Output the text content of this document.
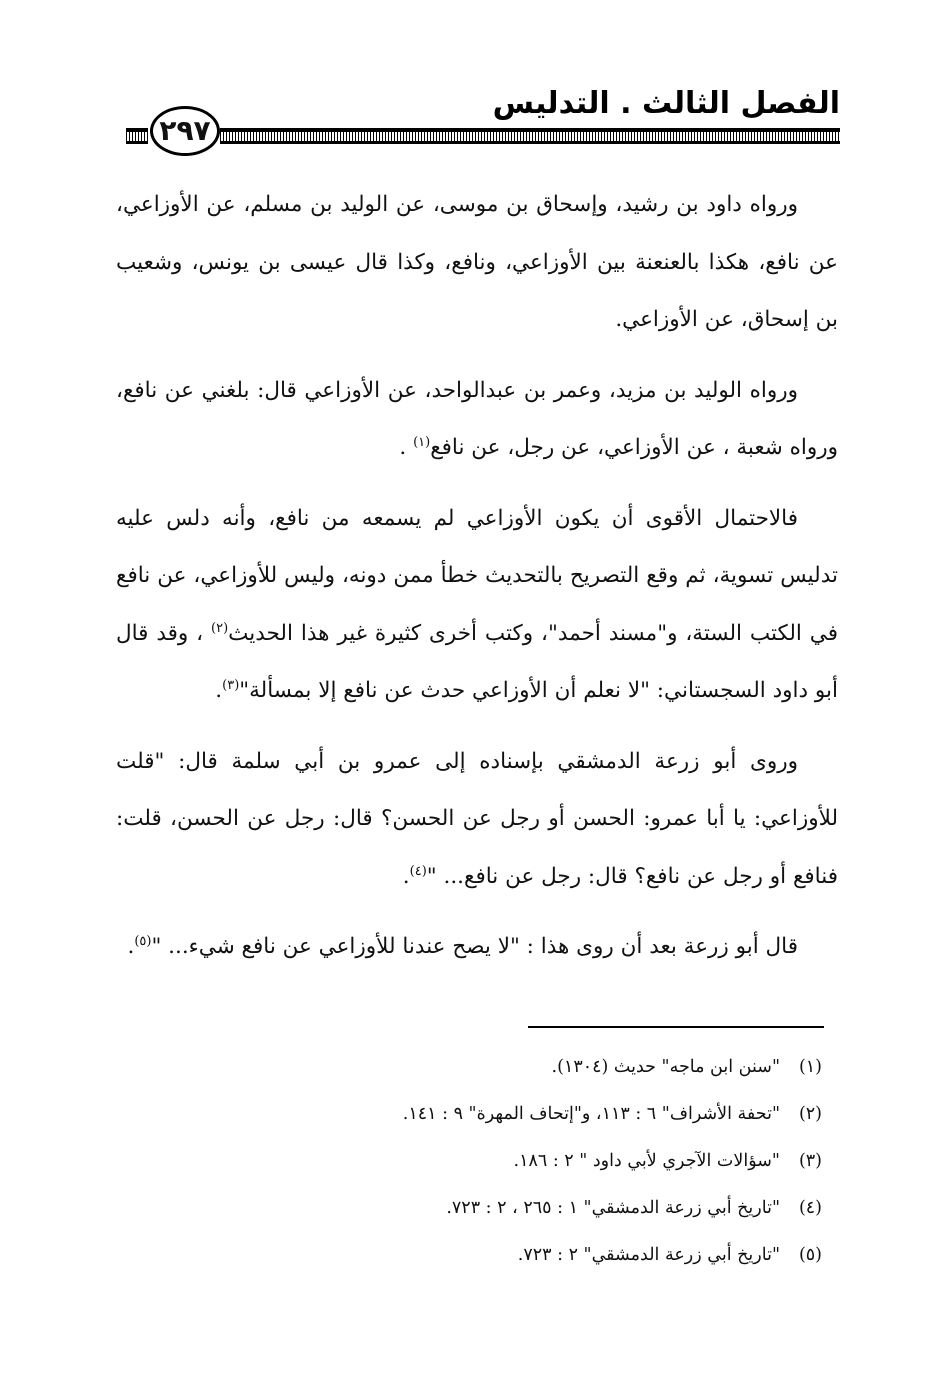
الفصل الثالث . التدليس
٢٩٧

ورواه داود بن رشيد، وإسحاق بن موسى، عن الوليد بن مسلم، عن الأوزاعي، عن نافع، هكذا بالعنعنة بين الأوزاعي، ونافع، وكذا قال عيسى بن يونس، وشعيب بن إسحاق، عن الأوزاعي.

ورواه الوليد بن مزيد، وعمر بن عبدالواحد، عن الأوزاعي قال: بلغني عن نافع، ورواه شعبة ، عن الأوزاعي، عن رجل، عن نافع$^{(١)}$ .

فالاحتمال الأقوى أن يكون الأوزاعي لم يسمعه من نافع، وأنه دلس عليه تدليس تسوية، ثم وقع التصريح بالتحديث خطأ ممن دونه، وليس للأوزاعي، عن نافع في الكتب الستة، و"مسند أحمد"، وكتب أخرى كثيرة غير هذا الحديث$^{(٢)}$ ، وقد قال أبو داود السجستاني: "لا نعلم أن الأوزاعي حدث عن نافع إلا بمسألة"$^{(٣)}$.

وروى أبو زرعة الدمشقي بإسناده إلى عمرو بن أبي سلمة قال: "قلت للأوزاعي: يا أبا عمرو: الحسن أو رجل عن الحسن؟ قال: رجل عن الحسن، قلت: فنافع أو رجل عن نافع؟ قال: رجل عن نافع... "$^{(٤)}$.

قال أبو زرعة بعد أن روى هذا : "لا يصح عندنا للأوزاعي عن نافع شيء... "$^{(٥)}$.

(١)
"سنن ابن ماجه" حديث (١٣٠٤).
(٢)
"تحفة الأشراف" ٦ : ١١٣، و"إتحاف المهرة" ٩ : ١٤١.
(٣)
"سؤالات الآجري لأبي داود " ٢ : ١٨٦.
(٤)
"تاريخ أبي زرعة الدمشقي" ١ : ٢٦٥ ، ٢ : ٧٢٣.
(٥)
"تاريخ أبي زرعة الدمشقي" ٢ : ٧٢٣.
